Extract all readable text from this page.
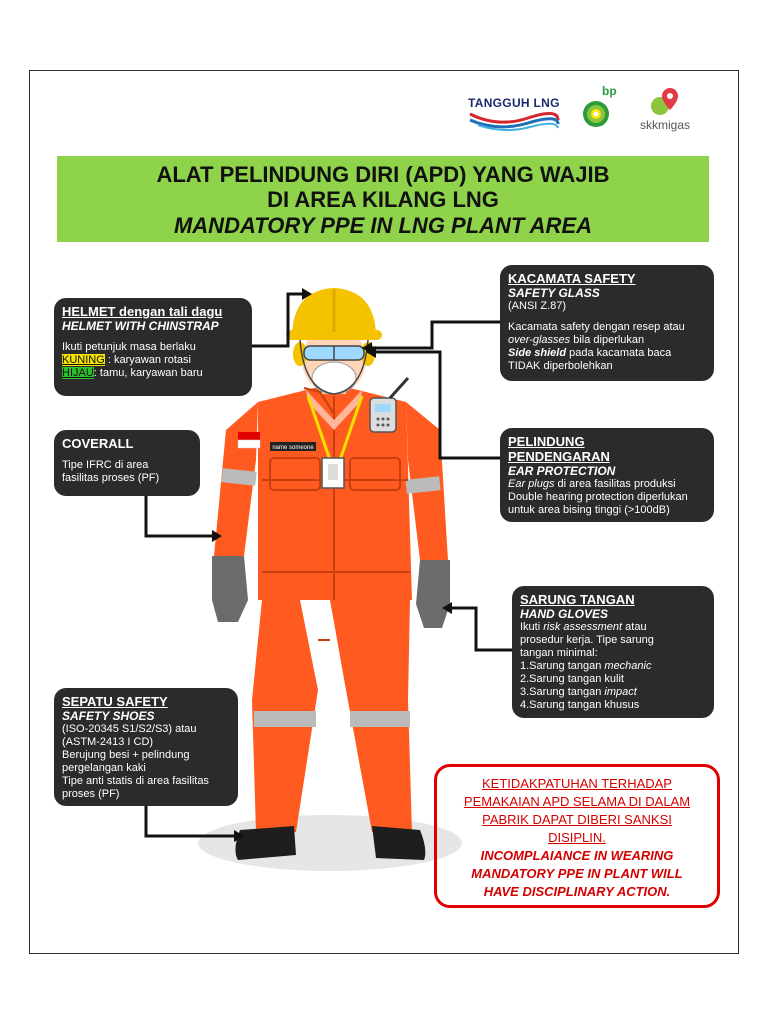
TANGGUH LNG
bp
skkmigas
ALAT PELINDUNG DIRI (APD) YANG WAJIB
DI AREA KILANG LNG
MANDATORY PPE IN LNG PLANT AREA
name someone

HELMET dengan tali dagu

HELMET WITH CHINSTRAP

Ikuti petunjuk masa berlaku

KUNING : karyawan rotasi

HIJAU: tamu, karyawan baru

KACAMATA SAFETY

SAFETY GLASS

(ANSI Z.87)

Kacamata safety dengan resep atau

over-glasses bila diperlukan

Side shield pada kacamata baca

TIDAK diperbolehkan

COVERALL

Tipe IFRC di area

fasilitas proses (PF)

PELINDUNG

PENDENGARAN

EAR PROTECTION

Ear plugs di area fasilitas produksi

Double hearing protection diperlukan

untuk area bising tinggi (>100dB)

SARUNG TANGAN

HAND GLOVES

Ikuti risk assessment atau

prosedur kerja. Tipe sarung

tangan minimal:

1.Sarung tangan mechanic

2.Sarung tangan kulit

3.Sarung tangan impact

4.Sarung tangan khusus

SEPATU SAFETY

SAFETY SHOES

(ISO-20345 S1/S2/S3) atau

(ASTM-2413 I CD)

Berujung besi + pelindung

pergelangan kaki

Tipe anti statis di area fasilitas

proses (PF)

KETIDAKPATUHAN TERHADAP
PEMAKAIAN APD SELAMA DI DALAM
PABRIK DAPAT DIBERI SANKSI
DISIPLIN.
INCOMPLAIANCE IN WEARING
MANDATORY PPE IN PLANT WILL
HAVE DISCIPLINARY ACTION.
